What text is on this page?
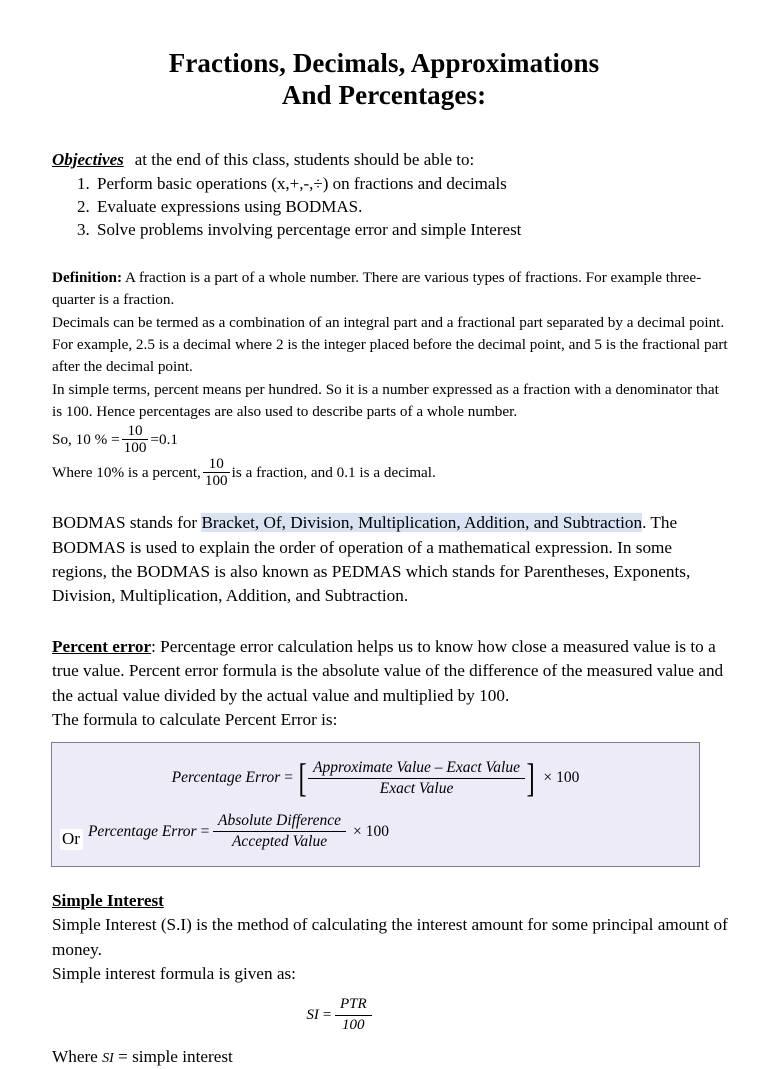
Fractions, Decimals, Approximations
And Percentages:
Objectives at the end of this class, students should be able to:
1. Perform basic operations (x,+,-,÷) on fractions and decimals
2. Evaluate expressions using BODMAS.
3. Solve problems involving percentage error and simple Interest

Definition: A fraction is a part of a whole number. There are various types of fractions. For example three-quarter is a fraction.

Decimals can be termed as a combination of an integral part and a fractional part separated by a decimal point. For example, 2.5 is a decimal where 2 is the integer placed before the decimal point, and 5 is the fractional part after the decimal point.

In simple terms, percent means per hundred. So it is a number expressed as a fraction with a denominator that is 100. Hence percentages are also used to describe parts of a whole number.

So, 10 % = $\frac{10}{100} =0.1$

Where 10% is a percent, $\frac{10}{100}$ is a fraction, and 0.1 is a decimal.

BODMAS stands for Bracket, Of, Division, Multiplication, Addition, and Subtraction. The BODMAS is used to explain the order of operation of a mathematical expression. In some regions, the BODMAS is also known as PEDMAS which stands for Parentheses, Exponents, Division, Multiplication, Addition, and Subtraction.

Percent error: Percentage error calculation helps us to know how close a measured value is to a true value. Percent error formula is the absolute value of the difference of the measured value and the actual value divided by the actual value and multiplied by 100.

The formula to calculate Percent Error is:

Percentage Error = [ Approximate Value – Exact Value
Exact Value	] × 100
Or Percentage Error =
Absolute Difference
Accepted Value
× 100

Simple Interest

Simple Interest (S.I) is the method of calculating the interest amount for some principal amount of money.

Simple interest formula is given as:

SI =
PTR
100

Where SI = simple interest
